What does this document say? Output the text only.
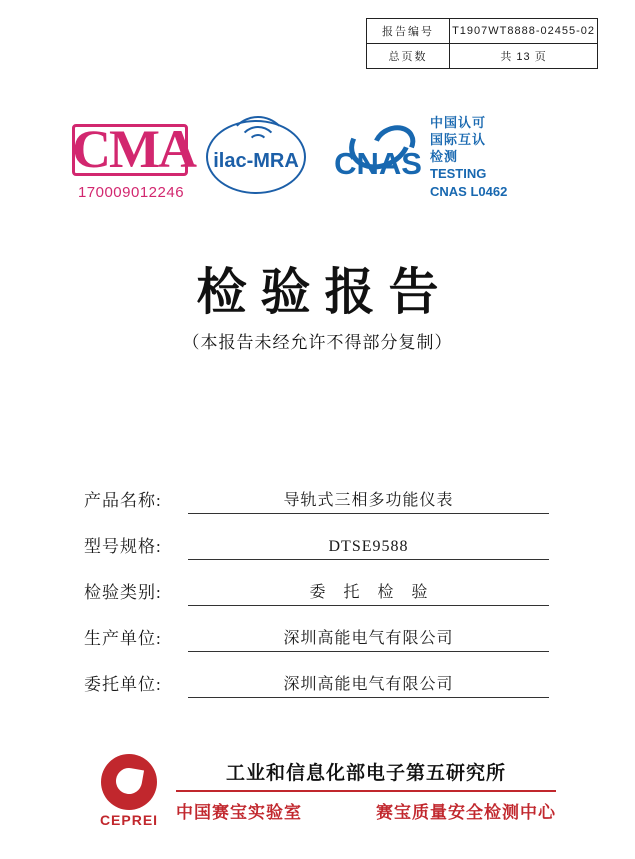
报告编号	T1907WT8888-02455-02
总页数	共 13 页
CMA
170009012246
ilac-MRA	CNAS
中国认可
国际互认
检测
TESTING
CNAS L0462
检验报告
（本报告未经允许不得部分复制）
产品名称:	导轨式三相多功能仪表
型号规格:	DTSE9588
检验类别:	委 托 检 验
生产单位:	深圳高能电气有限公司
委托单位:	深圳高能电气有限公司
CEPREI
工业和信息化部电子第五研究所
中国赛宝实验室	赛宝质量安全检测中心
